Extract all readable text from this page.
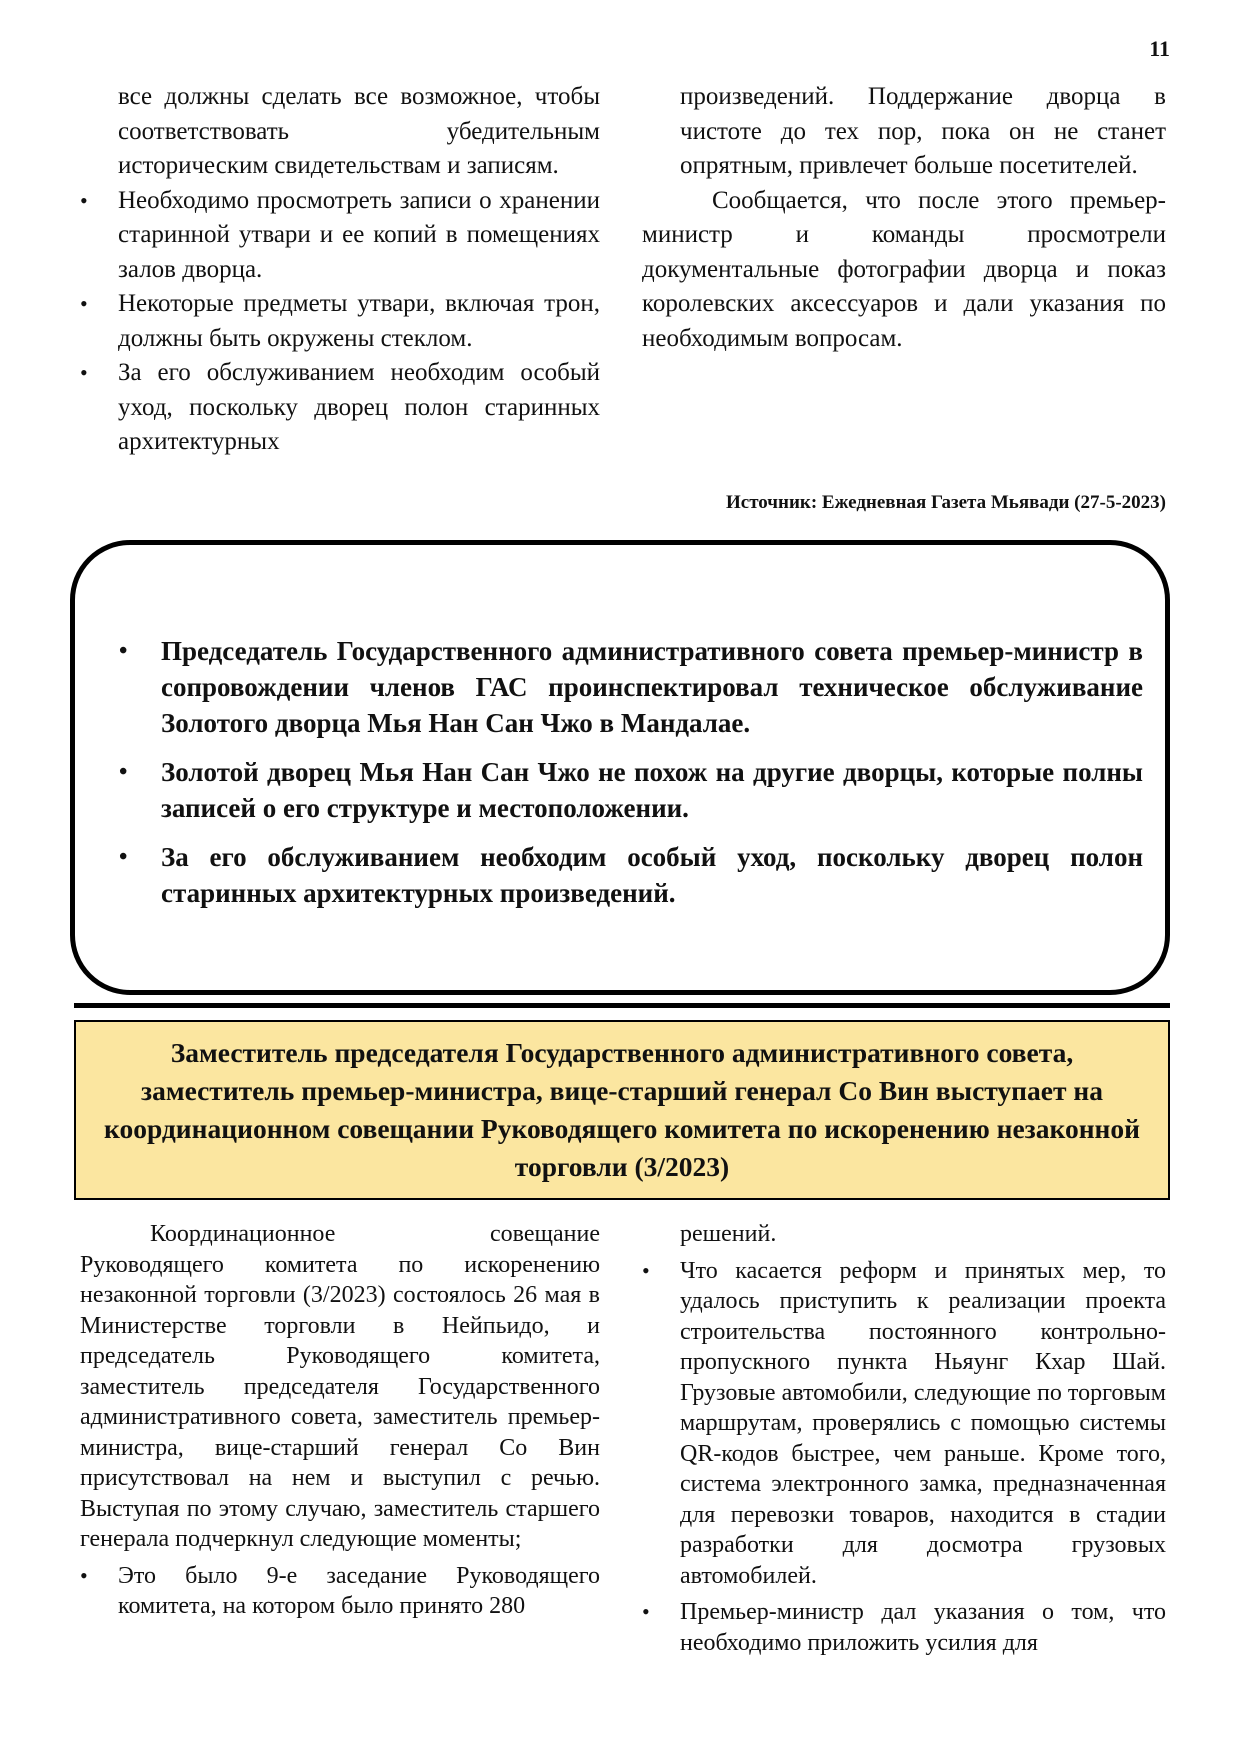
11

все должны сделать все возможное, чтобы соответствовать убедительным историческим свидетельствам и записям.

• Необходимо просмотреть записи о хранении старинной утвари и ее копий в помещениях залов дворца.
• Некоторые предметы утвари, включая трон, должны быть окружены стеклом.
• За его обслуживанием необходим особый уход, поскольку дворец полон старинных архитектурных

произведений. Поддержание дворца в чистоте до тех пор, пока он не станет опрятным, привлечет больше посетителей.

Сообщается, что после этого премьер-министр и команды просмотрели документальные фотографии дворца и показ королевских аксессуаров и дали указания по необходимым вопросам.

Источник: Ежедневная Газета Мьявади (27-5-2023)
• Председатель Государственного административного совета премьер-министр в сопровождении членов ГАС проинспектировал техническое обслуживание Золотого дворца Мья Нан Сан Чжо в Мандалае.
• Золотой дворец Мья Нан Сан Чжо не похож на другие дворцы, которые полны записей о его структуре и местоположении.
• За его обслуживанием необходим особый уход, поскольку дворец полон старинных архитектурных произведений.
Заместитель председателя Государственного административного совета, заместитель премьер-министра, вице-старший генерал Со Вин выступает на координационном совещании Руководящего комитета по искоренению незаконной торговли (3/2023)

Координационное совещание Руководящего комитета по искоренению незаконной торговли (3/2023) состоялось 26 мая в Министерстве торговли в Нейпьидо, и председатель Руководящего комитета, заместитель председателя Государственного административного совета, заместитель премьер-министра, вице-старший генерал Со Вин присутствовал на нем и выступил с речью. Выступая по этому случаю, заместитель старшего генерала подчеркнул следующие моменты;

• Это было 9-е заседание Руководящего комитета, на котором было принято 280

решений.

• Что касается реформ и принятых мер, то удалось приступить к реализации проекта строительства постоянного контрольно-пропускного пункта Ньяунг Кхар Шай. Грузовые автомобили, следующие по торговым маршрутам, проверялись с помощью системы QR-кодов быстрее, чем раньше. Кроме того, система электронного замка, предназначенная для перевозки товаров, находится в стадии разработки для досмотра грузовых автомобилей.
• Премьер-министр дал указания о том, что необходимо приложить усилия для
